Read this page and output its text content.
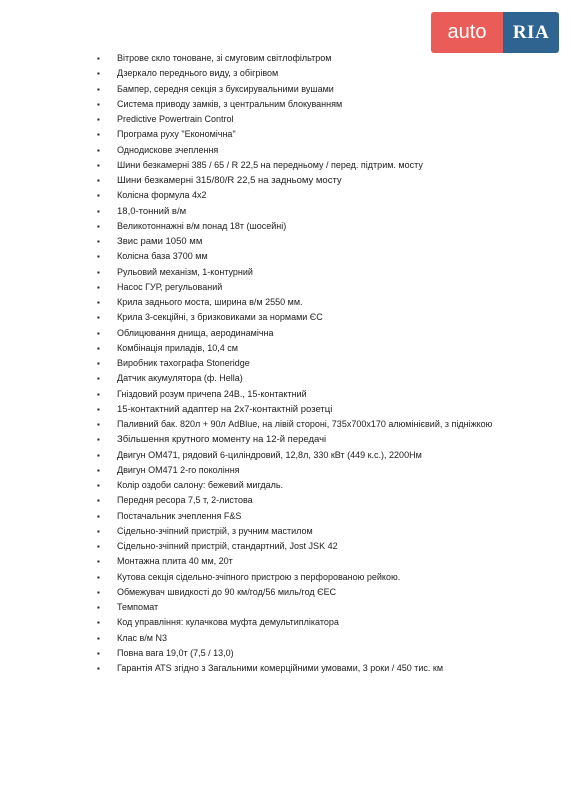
auto	RIA
▪ Вітрове скло тоноване, зі смуговим світлофільтром
▪ Дзеркало переднього виду, з обігрівом
▪ Бампер, середня секція з буксирувальними вушами
▪ Система приводу замків, з центральним блокуванням
▪ Predictive Powertrain Control
▪ Програма руху "Економічна"
▪ Однодискове зчеплення
▪ Шини безкамерні 385 / 65 / R 22,5 на передньому / перед. підтрим. мосту
▪ Шини безкамерні 315/80/R 22,5 на задньому мосту
▪ Колісна формула 4х2
▪ 18,0-тонний в/м
▪ Великотоннажні в/м понад 18т (шосейні)
▪ Звис рами 1050 мм
▪ Колісна база 3700 мм
▪ Рульовий механізм, 1-контурний
▪ Насос ГУР, регульований
▪ Крила заднього моста, ширина в/м 2550 мм.
▪ Крила 3-секційні, з бризковиками за нормами ЄС
▪ Облицювання днища, аеродинамічна
▪ Комбінація приладів, 10,4 см
▪ Виробник тахографа Stoneridge
▪ Датчик акумулятора (ф. Hella)
▪ Гніздовий розум причепа 24В., 15-контактний
▪ 15-контактний адаптер на 2х7-контактній розетці
▪ Паливний бак. 820л + 90л AdBlue, на лівій стороні, 735х700х170 алюмінієвий, з підніжкою
▪ Збільшення крутного моменту на 12-й передачі
▪ Двигун ОМ471, рядовий 6-циліндровий, 12,8л, 330 кВт (449 к.с.), 2200Нм
▪ Двигун ОМ471 2-го покоління
▪ Колір оздоби салону: бежевий мигдаль.
▪ Передня ресора 7,5 т, 2-листова
▪ Постачальник зчеплення F&S
▪ Сідельно-зчіпний пристрій, з ручним мастилом
▪ Сідельно-зчіпний пристрій, стандартний, Jost JSK 42
▪ Монтажна плита 40 мм, 20т
▪ Кутова секція сідельно-зчіпного пристрою з перфорованою рейкою.
▪ Обмежувач швидкості до 90 км/год/56 миль/год ЄЕС
▪ Темпомат
▪ Код управління: кулачкова муфта демультиплікатора
▪ Клас в/м N3
▪ Повна вага 19,0т (7,5 / 13,0)
▪ Гарантія ATS згідно з Загальними комерційними умовами, 3 роки / 450 тис. км
